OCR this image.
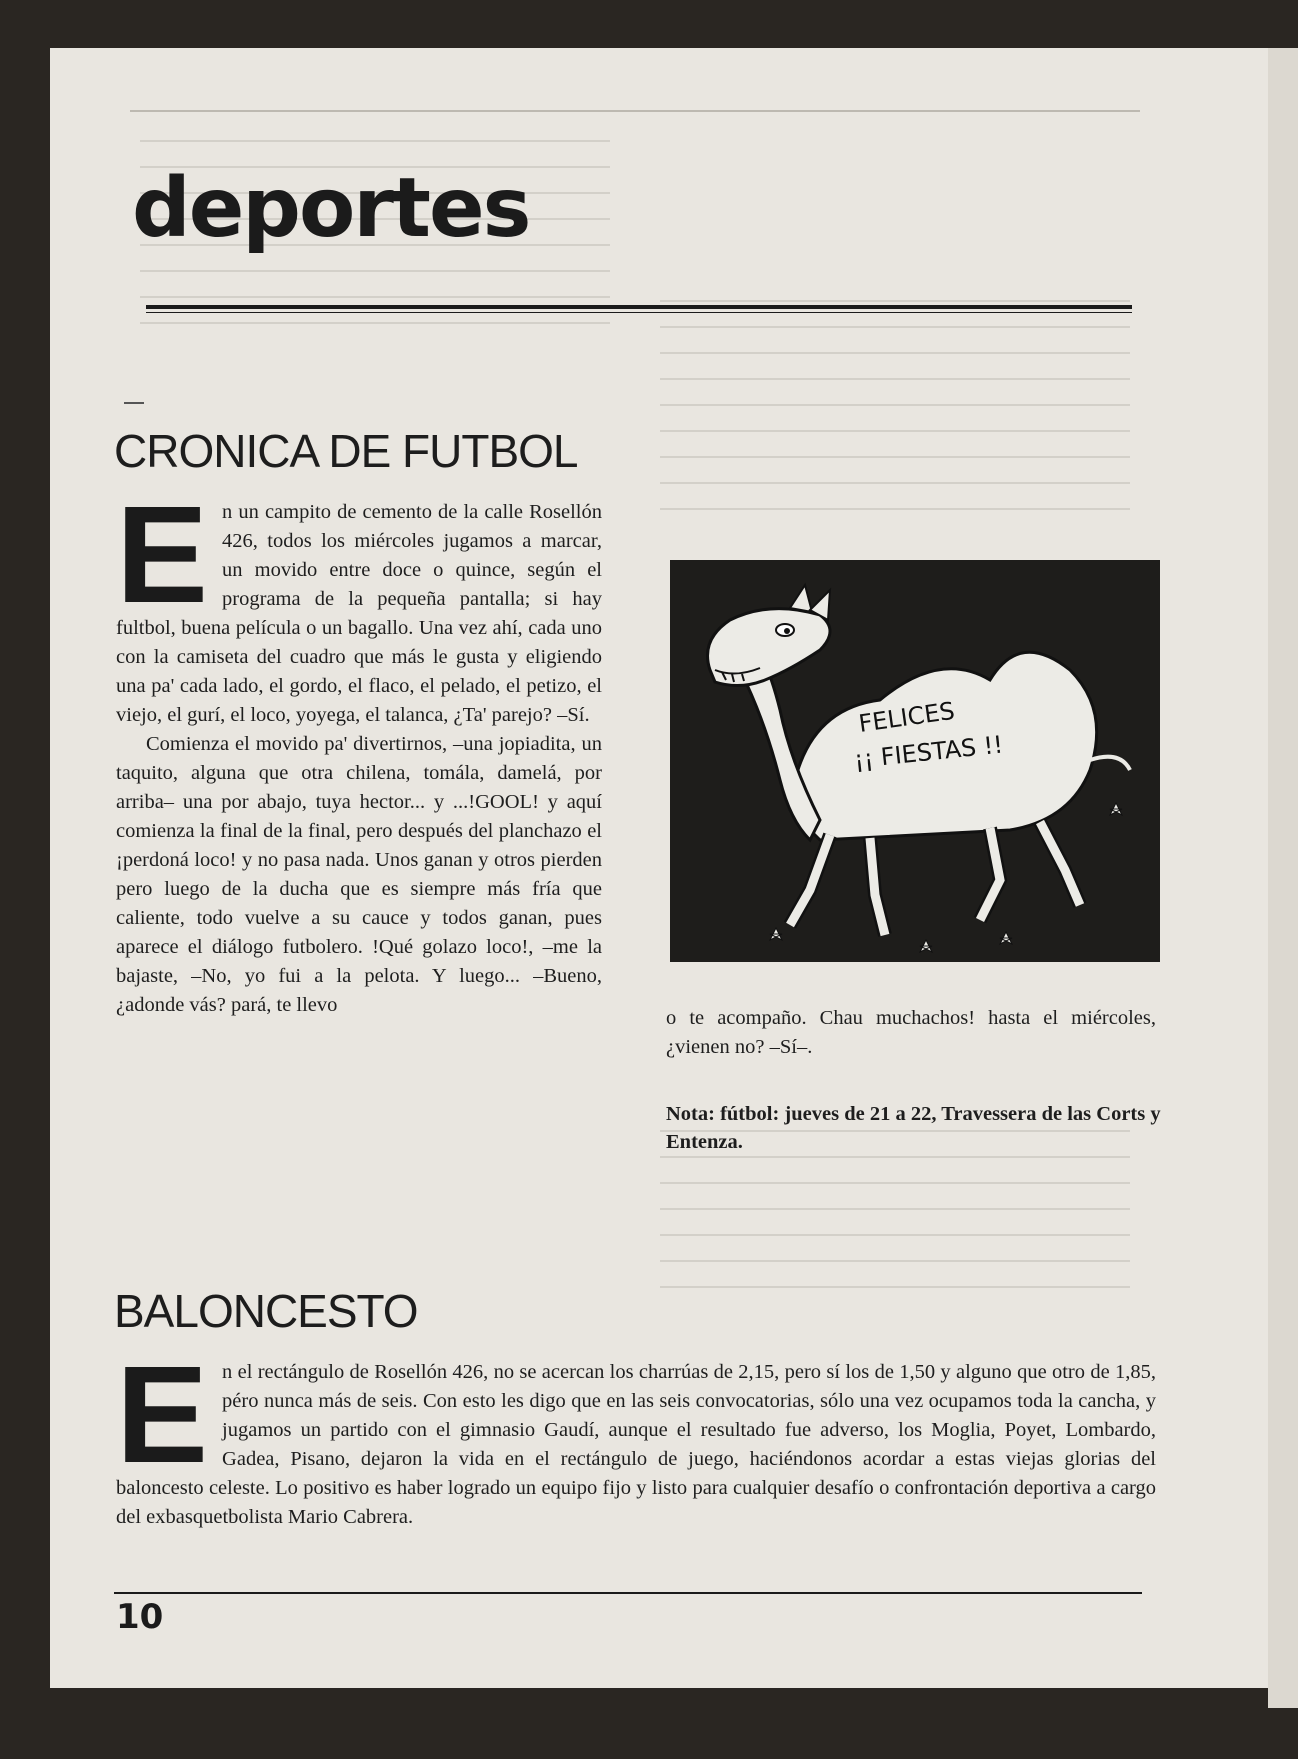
deportes
CRONICA DE FUTBOL
E n un campito de cemento de la calle Rosellón 426, todos los miércoles jugamos a marcar, un movido entre doce o quince, según el programa de la pequeña pantalla; si hay fultbol, buena película o un bagallo. Una vez ahí, cada uno con la camiseta del cuadro que más le gusta y eligiendo una pa' cada lado, el gordo, el flaco, el pelado, el petizo, el viejo, el gurí, el loco, yoyega, el talanca, ¿Ta' parejo? –Sí.

Comienza el movido pa' divertirnos, –una jopiadita, un taquito, alguna que otra chilena, tomála, damelá, por arriba– una por abajo, tuya hector... y ...!GOOL! y aquí comienza la final de la final, pero después del planchazo el ¡perdoná loco! y no pasa nada. Unos ganan y otros pierden pero luego de la ducha que es siempre más fría que caliente, todo vuelve a su cauce y todos ganan, pues aparece el diálogo futbolero. !Qué golazo loco!, –me la bajaste, –No, yo fui a la pelota. Y luego... –Bueno, ¿adonde vás? pará, te llevo

FELICES
¡¡ FIESTAS !!

o te acompaño. Chau muchachos! hasta el miércoles, ¿vienen no? –Sí–.

Nota: fútbol: jueves de 21 a 22, Travessera de las Corts y Entenza.
BALONCESTO
E n el rectángulo de Rosellón 426, no se acercan los charrúas de 2,15, pero sí los de 1,50 y alguno que otro de 1,85, péro nunca más de seis. Con esto les digo que en las seis convocatorias, sólo una vez ocupamos toda la cancha, y jugamos un partido con el gimnasio Gaudí, aunque el resultado fue adverso, los Moglia, Poyet, Lombardo, Gadea, Pisano, dejaron la vida en el rectángulo de juego, haciéndonos acordar a estas viejas glorias del baloncesto celeste. Lo positivo es haber logrado un equipo fijo y listo para cualquier desafío o confrontación deportiva a cargo del exbasquetbolista Mario Cabrera.

10
